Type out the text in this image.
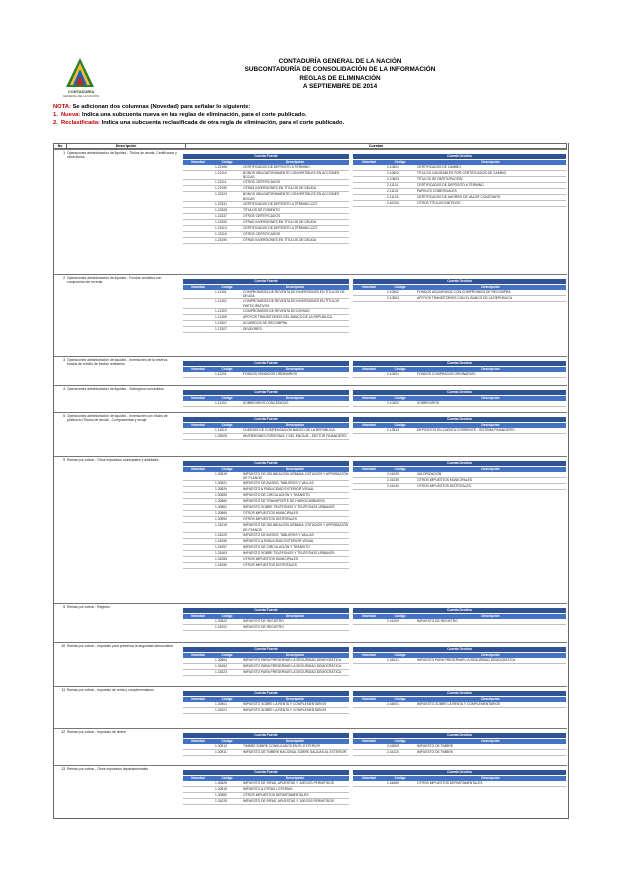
CONTADURÍA
GENERAL DE LA NACIÓN
CONTADURÍA GENERAL DE LA NACIÓN
SUBCONTADURÍA DE CONSOLIDACIÓN DE LA INFORMACIÓN
REGLAS DE ELIMINACIÓN
A SEPTIEMBRE DE 2014
NOTA: Se adicionan dos columnas (Novedad) para señalar lo siguiente:
1. Nueva: Indica una subcuenta nueva en las reglas de eliminación, para el corte publicado.
2. Reclasificada: Indica una subcuenta reclasificada de otra regla de eliminación, para el corte publicado.
No	Descripción	Cuentas
1 Operaciones administración de liquidez - Títulos de deuda, Certificados y otros títulos	Cuenta Fuente
Novedad	Código	Descripción
1.22106	CERTIFICADOS DE DEPÓSITO A TÉRMINO
1.22110	BONOS OBLIGATORIAMENTE CONVERTIBLES EN ACCIONES BOCAS
1.22111	OTROS CERTIFICADOS
1.22190	OTRAS INVERSIONES EN TÍTULOS DE DEUDA
1.22324	BONOS OBLIGATORIAMENTE CONVERTIBLES EN ACCIONES BOCAS
1.22331	CERTIFICADOS DE DEPÓSITO A TÉRMINO-CDT
1.22326	TÍTULOS DE FOMENTO
1.22337	OTROS CERTIFICADOS
1.22390	OTRAS INVERSIONES EN TÍTULOS DE DEUDA
1.23113	CERTIFICADOS DE DEPÓSITO A TÉRMINO-CDT
1.23116	OTROS CERTIFICADOS
1.23190	OTRAS INVERSIONES EN TÍTULOS DE DEUDA
Cuenta Destino
Novedad	Código	Descripción
2.10601	CERTIFICADOS DE CAMBIO
2.10602	TÍTULOS CANJEABLES POR CERTIFICADOS DE CAMBIO
2.10603	TÍTULOS DE PARTICIPACIÓN
2.11101	CERTIFICADOS DE DEPÓSITO A TÉRMINO
2.11102	PAPELES COMERCIALES
2.11103	CERTIFICADOS DE AHORRO DE VALOR CONSTANTE
2.62100	OTROS TÍTULOS EMITIDOS
2 Operaciones administración de liquidez - Fondos vendidos con compromiso de reventa	Cuenta Fuente
Novedad	Código	Descripción
1.11301	COMPROMISOS DE REVENTA DE INVERSIONES EN TÍTULOS DE DEUDA
1.11302	COMPROMISOS DE REVENTA DE INVERSIONES EN TÍTULOS PARTICIPATIVOS
1.11303	COMPROMISOS DE REVENTA DE DIVISAS
1.11305	APOYOS TRANSITORIOS DEL BANCO DE LA REPÚBLICA
1.12307	ACUERDOS DE RECOMPRA
1.12307	DEUDORES
Cuenta Destino
Novedad	Código	Descripción
2.10502	FONDOS ADQUIRIDOS CON COMPROMISO DE RECOMPRA
2.10503	APOYOS TRANSITORIOS CON EL BANCO DE LA REPÚBLICA
3 Operaciones administración de liquidez - Inversiones de la reserva, fondos de crédito de fondos ordinarios	Cuenta Fuente
Novedad	Código	Descripción
1.11201	FONDOS VENDIDOS ORDINARIOS
Cuenta Destino
Novedad	Código	Descripción
2.10401	FONDOS COMPRADOS ORDINARIOS
4 Operaciones administración de liquidez - Sobregiros concedidos
Cuenta Fuente
Novedad	Código	Descripción
1.11202	SOBREGIROS CONCEDIDOS
Cuenta Destino
Novedad	Código	Descripción
2.10402	SOBREGIROS
5 Operaciones administración de liquidez - Inversiones con títulos de política en Títulos de deuda - Compraventas y recaje	Cuenta Fuente
Novedad	Código	Descripción
1.11510	CUENTAS DE COMPENSACIÓN BANCO DE LA REPÚBLICA
1.32005	INVERSIONES FORZOSAS Y DEL ENCAJE - SECTOR FINANCIERO
Cuenta Destino
Novedad	Código	Descripción
2.12513	DEPÓSITOS EN CUENTA CORRIENTE - SISTEMA FINANCIERO
9 Rentas por cobrar - Otros impuestos municipales y distritales
Cuenta Fuente
Novedad	Código	Descripción
1.30519	IMPUESTO DE DELINEACIÓN URBANA, ESTUDIOS Y APROBACIÓN DE PLANOS
1.30521	IMPUESTO DE AVISOS, TABLEROS Y VALLAS
1.30526	IMPUESTO A PUBLICIDAD EXTERIOR VISUAL
1.30559	IMPUESTO DE CIRCULACIÓN Y TRÁNSITO
1.30560	IMPUESTO DE TRANSPORTE DE HIDROCARBUROS
1.30561	IMPUESTO SOBRE TELÉFONOS Y TELÉFONOS URBANOS
1.30565	OTROS IMPUESTOS MUNICIPALES
1.30590	OTROS IMPUESTOS DISTRITALES
1.31019	IMPUESTO DE DELINEACIÓN URBANA, ESTUDIOS Y APROBACIÓN DE PLANOS
1.31020	IMPUESTO DE AVISOS, TABLEROS Y VALLAS
1.31056	IMPUESTO A PUBLICIDAD EXTERIOR VISUAL
1.31057	IMPUESTO DE CIRCULACIÓN Y TRÁNSITO
1.31063	IMPUESTO SOBRE TELÉFONOS Y TELÉFONOS URBANOS
1.31085	OTROS IMPUESTOS MUNICIPALES
1.31090	OTROS IMPUESTOS DISTRITALES
Cuenta Destino
Novedad	Código	Descripción
2.41005	VALORIZACIÓN
2.41035	OTROS IMPUESTOS MUNICIPALES
2.41040	OTROS IMPUESTOS DISTRITALES
9 Rentas por cobrar - Registro
Cuenta Fuente
Novedad	Código	Descripción
1.30522	IMPUESTO DE REGISTRO
1.31002	IMPUESTO DE REGISTRO
Cuenta Destino
Novedad	Código	Descripción
2.41009	IMPUESTO DE REGISTRO
10 Rentas por cobrar - Impuesto para preservar la seguridad democrática
Cuenta Fuente
Novedad	Código	Descripción
1.30564	IMPUESTO PARA PRESERVAR LA SEGURIDAD DEMOCRÁTICA
1.31054	IMPUESTO PARA PRESERVAR LA SEGURIDAD DEMOCRÁTICA
1.31523	IMPUESTO PARA PRESERVAR LA SEGURIDAD DEMOCRÁTICA
Cuenta Destino
Novedad	Código	Descripción
2.44021	IMPUESTO PARA PRESERVAR LA SEGURIDAD DEMOCRÁTICA
11 Rentas por cobrar - Impuesto de renta y complementarios
Cuenta Fuente
Novedad	Código	Descripción
1.30501	IMPUESTO SOBRE LA RENTA Y COMPLEMENTARIOS
1.31001	IMPUESTO SOBRE LA RENTA Y COMPLEMENTARIOS
Cuenta Destino
Novedad	Código	Descripción
2.44001	IMPUESTO SOBRE LA RENTA Y COMPLEMENTARIOS
12 Rentas por cobrar - Impuesto de timbre
Cuenta Fuente
Novedad	Código	Descripción
1.30512	TIMBRE SOBRE CONSULADOS EN EL EXTERIOR
1.30511	IMPUESTO DE TIMBRE NACIONAL SOBRE SALIDAS AL EXTERIOR
Cuenta Destino
Novedad	Código	Descripción
2.42609	IMPUESTO DE TIMBRE
2.44110	IMPUESTO DE TIMBRE
13 Rentas por cobrar - Otros impuestos departamentales
Cuenta Fuente
Novedad	Código	Descripción
1.30525	IMPUESTO DE RIFAS, APUESTAS Y JUEGOS PERMITIDOS
1.30518	IMPUESTO A OTRAS LOTERÍAS
1.30580	OTROS IMPUESTOS DEPARTAMENTALES
1.31025	IMPUESTO DE RIFAS, APUESTAS Y JUEGOS PERMITIDOS
Cuenta Destino
Novedad	Código	Descripción
2.44060	OTROS IMPUESTOS DEPARTAMENTALES
